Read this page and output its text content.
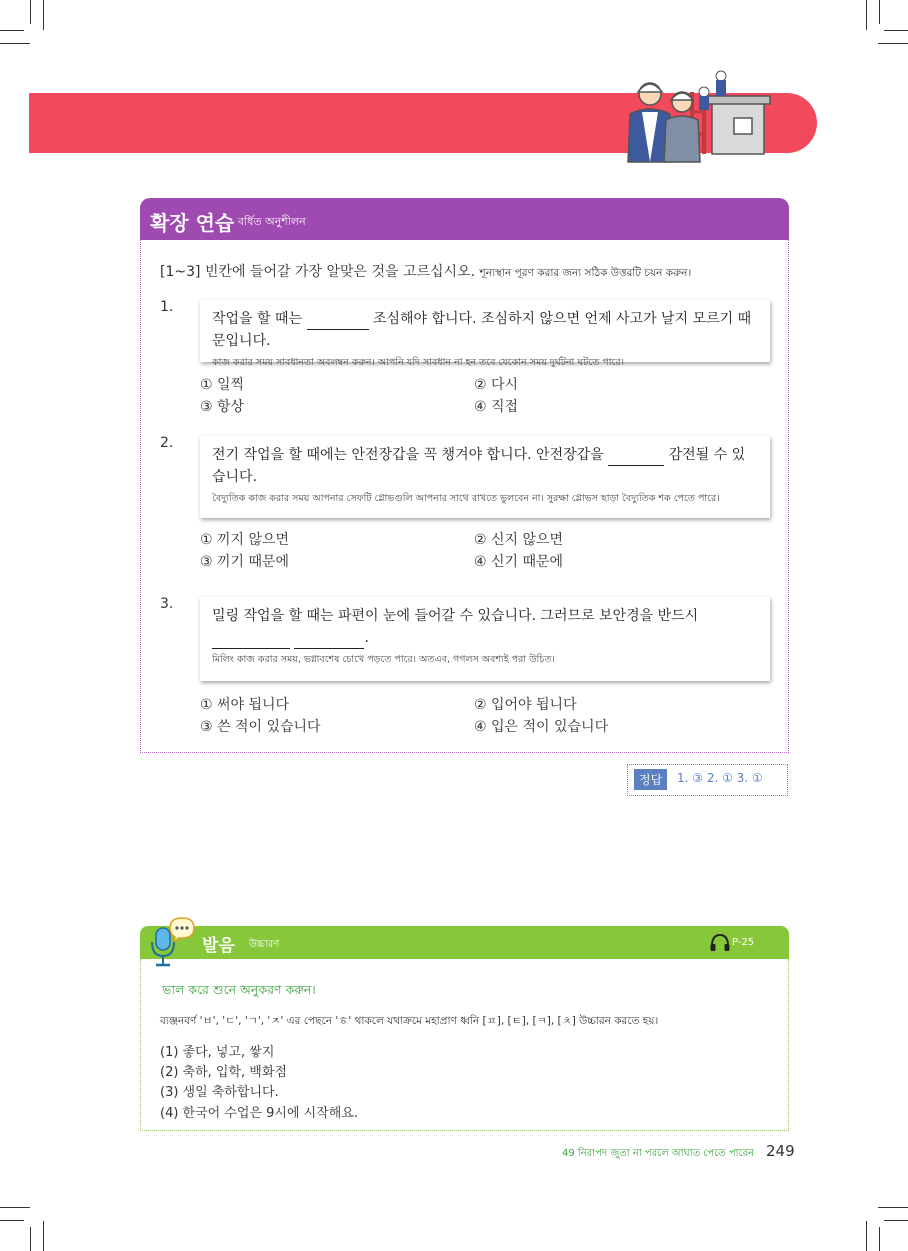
확장 연습 বর্ধিত অনুশীলন
[1~3] 빈칸에 들어갈 가장 알맞은 것을 고르십시오. শূন্যস্থান পূরণ করার জন্য সঠিক উত্তরটি চয়ন করুন।
1.
작업을 할 때는	조심해야 합니다. 조심하지 않으면 언제 사고가 날지 모르기 때문입니다.
কাজ করার সময় সাবধানতা অবলম্বন করুন। আপনি যদি সাবধান না হন তবে যেকোন সময় দুর্ঘটনা ঘটতে পারে।
① 일찍	② 다시
③ 항상	④ 직접
2.
전기 작업을 할 때에는 안전장갑을 꼭 챙겨야 합니다. 안전장갑을	감전될 수 있습니다.
বৈদ্যুতিক কাজ করার সময় আপনার সেফটি গ্লোভগুলি আপনার সাথে রাখতে ভুলবেন না। সুরক্ষা গ্লোভস ছাড়া বৈদ্যুতিক শক পেতে পারে।
① 끼지 않으면	② 신지 않으면
③ 끼기 때문에	④ 신기 때문에
3.
밀링 작업을 할 때는 파편이 눈에 들어갈 수 있습니다. 그러므로 보안경을 반드시  .
মিলিং কাজ করার সময়, ভগ্নাবশেষ চোখে পড়তে পারে। অতএব, গগলস অবশ্যই পরা উচিত।
① 써야 됩니다	② 입어야 됩니다
③ 쓴 적이 있습니다	④ 입은 적이 있습니다
정답	1. ③ 2. ① 3. ①
발음 উচ্চারণ	P-25
ভাল করে শুনে অনুকরণ করুন।
ব্যঞ্জনবর্ণ 'ㅂ', 'ㄷ', 'ㄱ', 'ㅈ' এর পেছনে 'ㅎ' থাকলে যথাক্রমে মহাপ্রাণ ধ্বনি [ㅍ], [ㅌ], [ㅋ], [ㅊ] উচ্চারন করতে হয়।
(1) 좋다, 넣고, 쌓지
(2) 축하, 입학, 백화점
(3) 생일 축하합니다.
(4) 한국어 수업은 9시에 시작해요.
49 নিরাপদ জুতা না পরলে আঘাত পেতে পারেন 249
